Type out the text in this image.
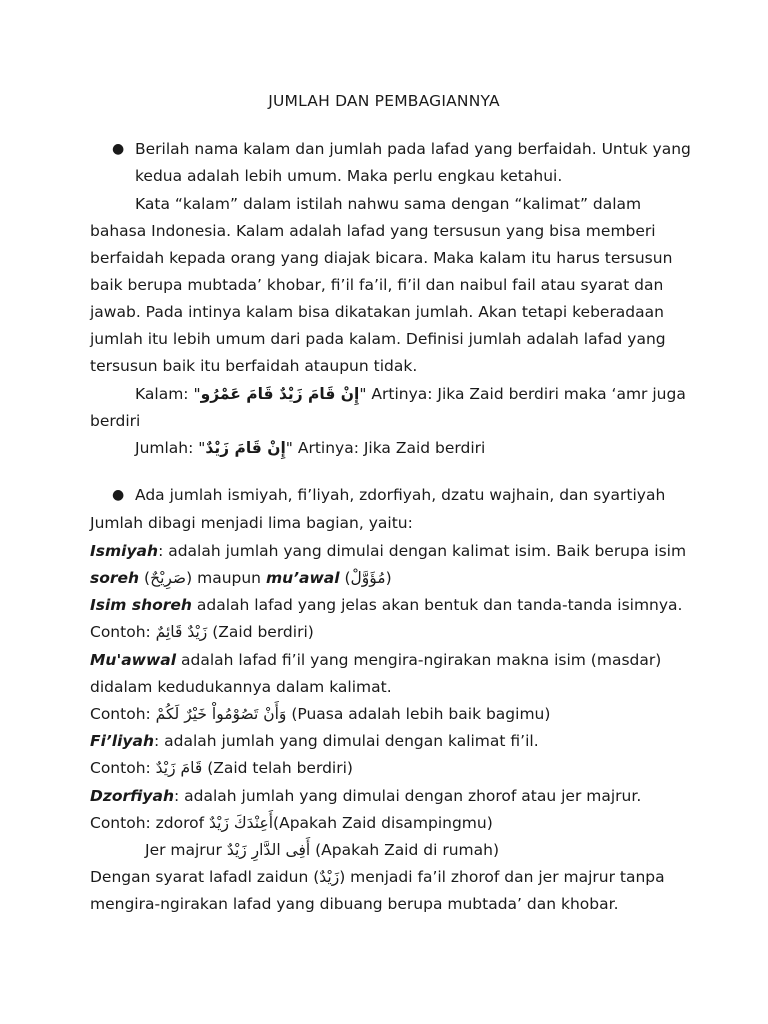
JUMLAH DAN PEMBAGIANNYA
● Berilah nama kalam dan jumlah pada lafad yang berfaidah. Untuk yang
kedua adalah lebih umum. Maka perlu engkau ketahui.
Kata “kalam” dalam istilah nahwu sama dengan “kalimat” dalam
bahasa Indonesia. Kalam adalah lafad yang tersusun yang bisa memberi
berfaidah kepada orang yang diajak bicara. Maka kalam itu harus tersusun
baik berupa mubtada’ khobar, fi’il fa’il, fi’il dan naibul fail atau syarat dan
jawab. Pada intinya kalam bisa dikatakan jumlah. Akan tetapi keberadaan
jumlah itu lebih umum dari pada kalam. Definisi jumlah adalah lafad yang
tersusun baik itu berfaidah ataupun tidak.
Kalam: "إِنْ قَامَ زَيْدٌ قَامَ عَمْرُو" Artinya: Jika Zaid berdiri maka ‘amr juga
berdiri
Jumlah: "إِنْ قَامَ زَيْدٌ" Artinya: Jika Zaid berdiri
● Ada jumlah ismiyah, fi’liyah, zdorfiyah, dzatu wajhain, dan syartiyah
Jumlah dibagi menjadi lima bagian, yaitu:
Ismiyah: adalah jumlah yang dimulai dengan kalimat isim. Baik berupa isim
soreh (صَرِيْحٌ) maupun mu’awal (مُؤَوَّلْ)
Isim shoreh adalah lafad yang jelas akan bentuk dan tanda-tanda isimnya.
Contoh: زَيْدٌ قَائِمٌ (Zaid berdiri)
Mu'awwal adalah lafad fi’il yang mengira-ngirakan makna isim (masdar)
didalam kedudukannya dalam kalimat.
Contoh: وَأَنْ تَصُوْمُواْ خَيْرٌ لَكُمْ (Puasa adalah lebih baik bagimu)
Fi’liyah: adalah jumlah yang dimulai dengan kalimat fi’il.
Contoh: قَامَ زَيْدٌ (Zaid telah berdiri)
Dzorfiyah: adalah jumlah yang dimulai dengan zhorof atau jer majrur.
Contoh: zdorof أَعِنْدَكَ زَيْدٌ(Apakah Zaid disampingmu)
Jer majrur أَفِى الدَّارِ زَيْدٌ (Apakah Zaid di rumah)
Dengan syarat lafadl zaidun (زَيْدٌ) menjadi fa’il zhorof dan jer majrur tanpa
mengira-ngirakan lafad yang dibuang berupa mubtada’ dan khobar.
